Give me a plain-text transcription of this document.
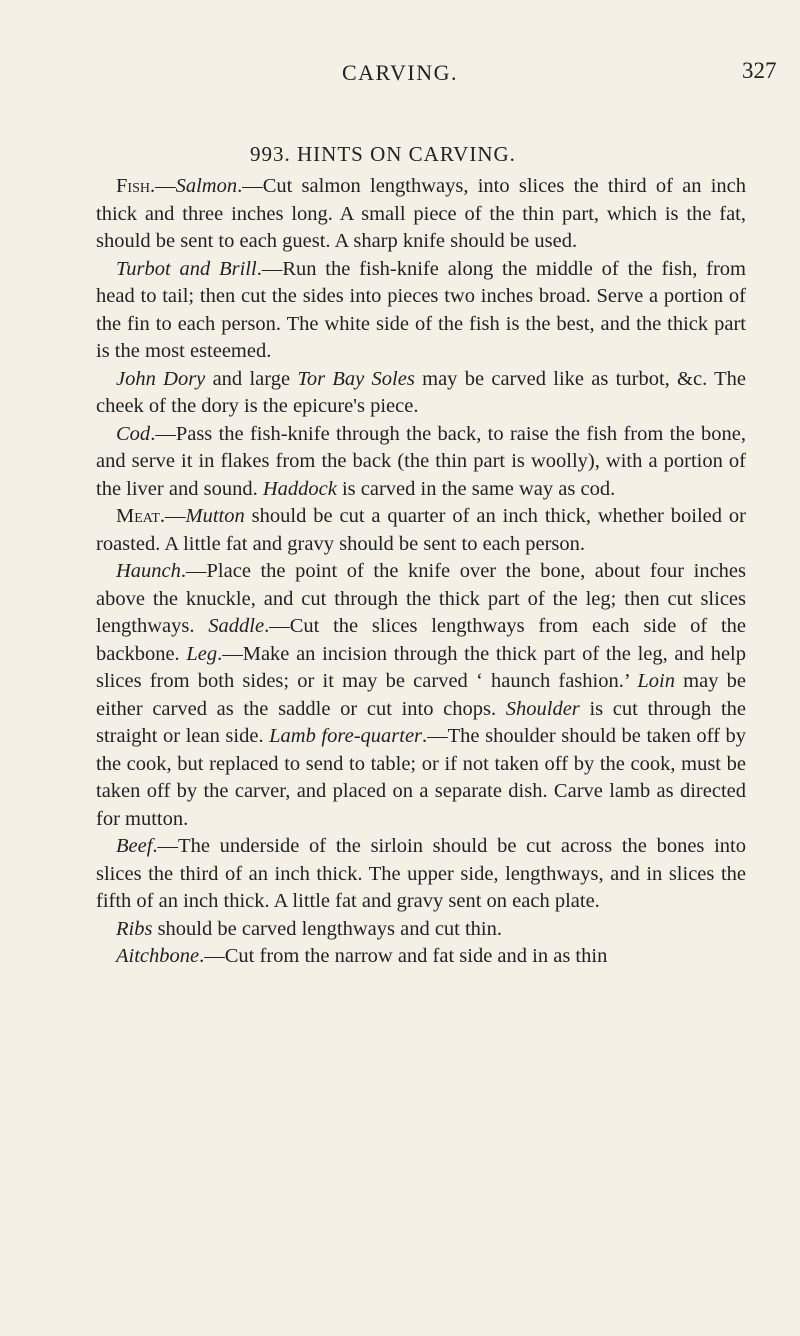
CARVING.	327
993. HINTS ON CARVING.

Fish.—Salmon.—Cut salmon lengthways, into slices the third of an inch thick and three inches long. A small piece of the thin part, which is the fat, should be sent to each guest. A sharp knife should be used.

Turbot and Brill.—Run the fish-knife along the middle of the fish, from head to tail; then cut the sides into pieces two inches broad. Serve a portion of the fin to each person. The white side of the fish is the best, and the thick part is the most esteemed.

John Dory and large Tor Bay Soles may be carved like as turbot, &c. The cheek of the dory is the epicure's piece.

Cod.—Pass the fish-knife through the back, to raise the fish from the bone, and serve it in flakes from the back (the thin part is woolly), with a portion of the liver and sound. Haddock is carved in the same way as cod.

Meat.—Mutton should be cut a quarter of an inch thick, whether boiled or roasted. A little fat and gravy should be sent to each person.

Haunch.—Place the point of the knife over the bone, about four inches above the knuckle, and cut through the thick part of the leg; then cut slices lengthways. Saddle.—Cut the slices lengthways from each side of the backbone. Leg.—Make an incision through the thick part of the leg, and help slices from both sides; or it may be carved ‘ haunch fashion.’ Loin may be either carved as the saddle or cut into chops. Shoulder is cut through the straight or lean side. Lamb fore-quarter.—The shoulder should be taken off by the cook, but replaced to send to table; or if not taken off by the cook, must be taken off by the carver, and placed on a separate dish. Carve lamb as directed for mutton.

Beef.—The underside of the sirloin should be cut across the bones into slices the third of an inch thick. The upper side, lengthways, and in slices the fifth of an inch thick. A little fat and gravy sent on each plate.

Ribs should be carved lengthways and cut thin.

Aitchbone.—Cut from the narrow and fat side and in as thin
